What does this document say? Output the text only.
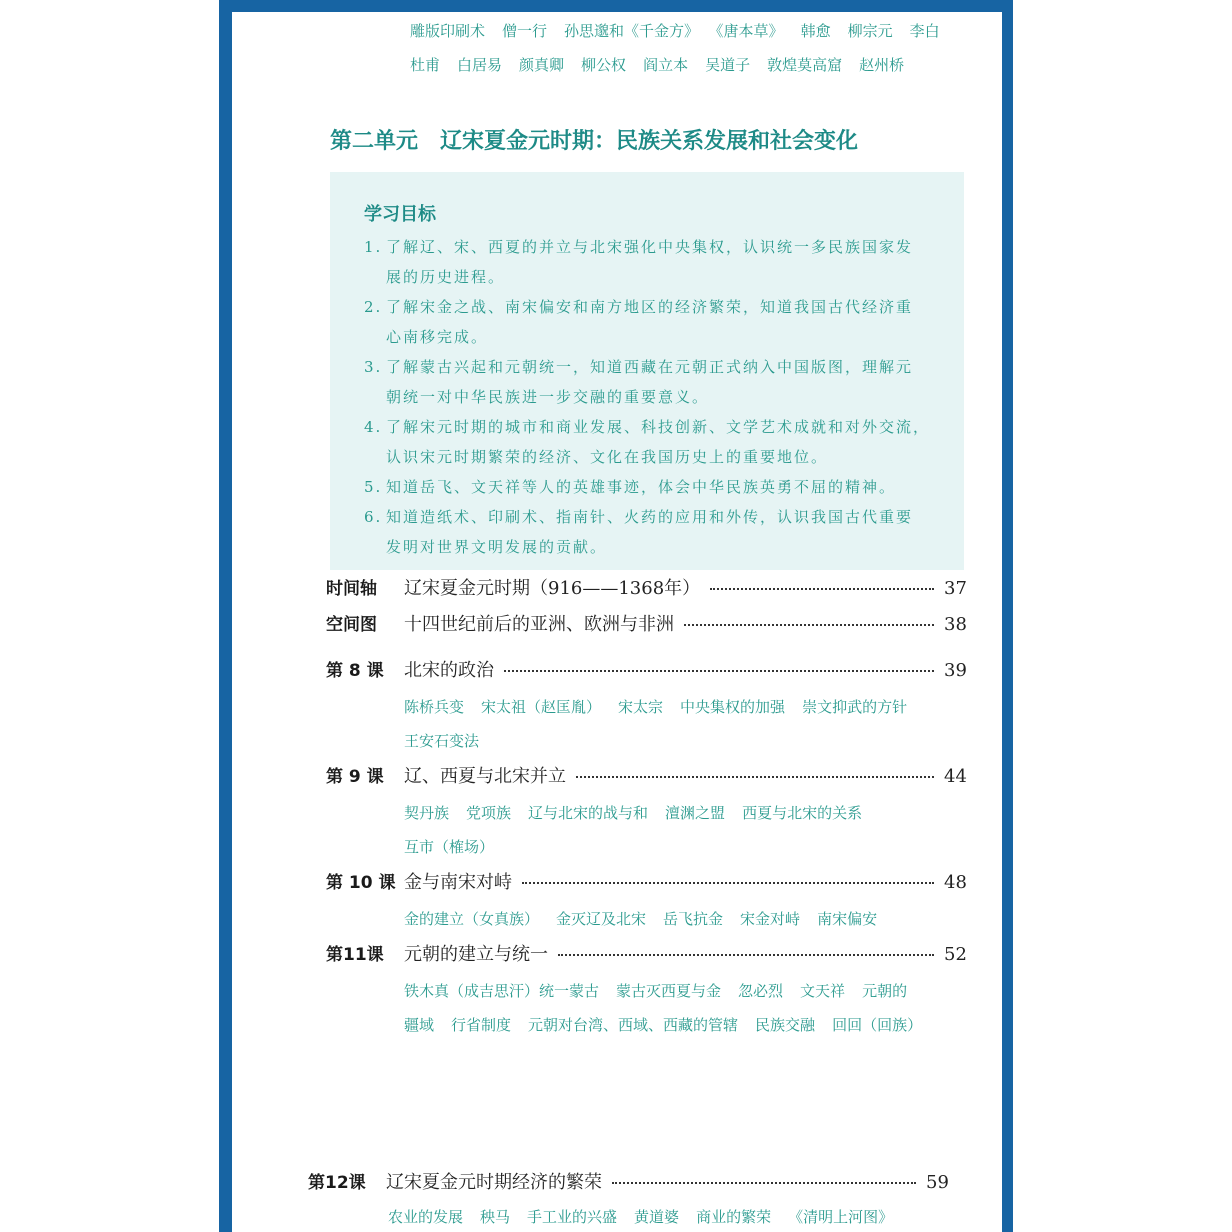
雕版印刷术 僧一行 孙思邈和《千金方》 《唐本草》 韩愈 柳宗元 李白
杜甫 白居易 颜真卿 柳公权 阎立本 吴道子 敦煌莫高窟 赵州桥
第二单元 辽宋夏金元时期：民族关系发展和社会变化
学习目标
1. 了解辽、宋、西夏的并立与北宋强化中央集权，认识统一多民族国家发
展的历史进程。
2. 了解宋金之战、南宋偏安和南方地区的经济繁荣，知道我国古代经济重
心南移完成。
3. 了解蒙古兴起和元朝统一，知道西藏在元朝正式纳入中国版图，理解元
朝统一对中华民族进一步交融的重要意义。
4. 了解宋元时期的城市和商业发展、科技创新、文学艺术成就和对外交流，
认识宋元时期繁荣的经济、文化在我国历史上的重要地位。
5. 知道岳飞、文天祥等人的英雄事迹，体会中华民族英勇不屈的精神。
6. 知道造纸术、印刷术、指南针、火药的应用和外传，认识我国古代重要
发明对世界文明发展的贡献。
时间轴	辽宋夏金元时期（916——1368年）	37
空间图	十四世纪前后的亚洲、欧洲与非洲	38
第 8 课	北宋的政治	39
陈桥兵变 宋太祖（赵匡胤） 宋太宗 中央集权的加强 崇文抑武的方针
王安石变法
第 9 课	辽、西夏与北宋并立	44
契丹族 党项族 辽与北宋的战与和 澶渊之盟 西夏与北宋的关系
互市（榷场）
第 10 课 金与南宋对峙	48
金的建立（女真族） 金灭辽及北宋 岳飞抗金 宋金对峙 南宋偏安
第11课	元朝的建立与统一	52
铁木真（成吉思汗）统一蒙古 蒙古灭西夏与金 忽必烈 文天祥 元朝的
疆域 行省制度 元朝对台湾、西域、西藏的管辖 民族交融 回回（回族）
第12课	辽宋夏金元时期经济的繁荣	59
农业的发展 秧马 手工业的兴盛 黄道婆 商业的繁荣 《清明上河图》
